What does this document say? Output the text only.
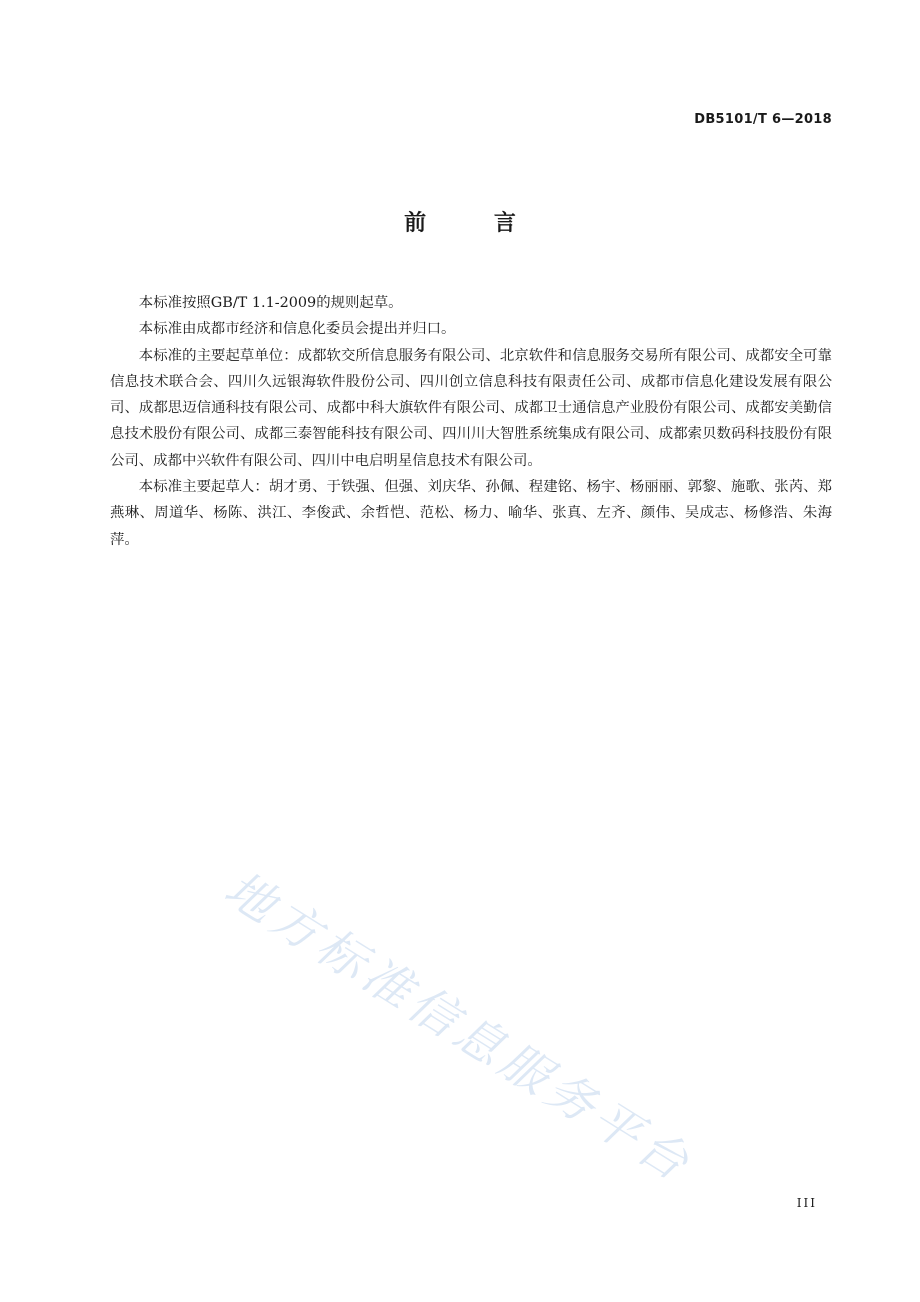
DB5101/T 6—2018
前 言

本标准按照GB/T 1.1-2009的规则起草。

本标准由成都市经济和信息化委员会提出并归口。

本标准的主要起草单位：成都软交所信息服务有限公司、北京软件和信息服务交易所有限公司、成都安全可靠信息技术联合会、四川久远银海软件股份公司、四川创立信息科技有限责任公司、成都市信息化建设发展有限公司、成都思迈信通科技有限公司、成都中科大旗软件有限公司、成都卫士通信息产业股份有限公司、成都安美勤信息技术股份有限公司、成都三泰智能科技有限公司、四川川大智胜系统集成有限公司、成都索贝数码科技股份有限公司、成都中兴软件有限公司、四川中电启明星信息技术有限公司。

本标准主要起草人：胡才勇、于铁强、但强、刘庆华、孙佩、程建铭、杨宇、杨丽丽、郭黎、施歌、张芮、郑燕琳、周道华、杨陈、洪江、李俊武、余哲恺、范松、杨力、喻华、张真、左齐、颜伟、吴成志、杨修浩、朱海萍。

地方标准信息服务平台
III
